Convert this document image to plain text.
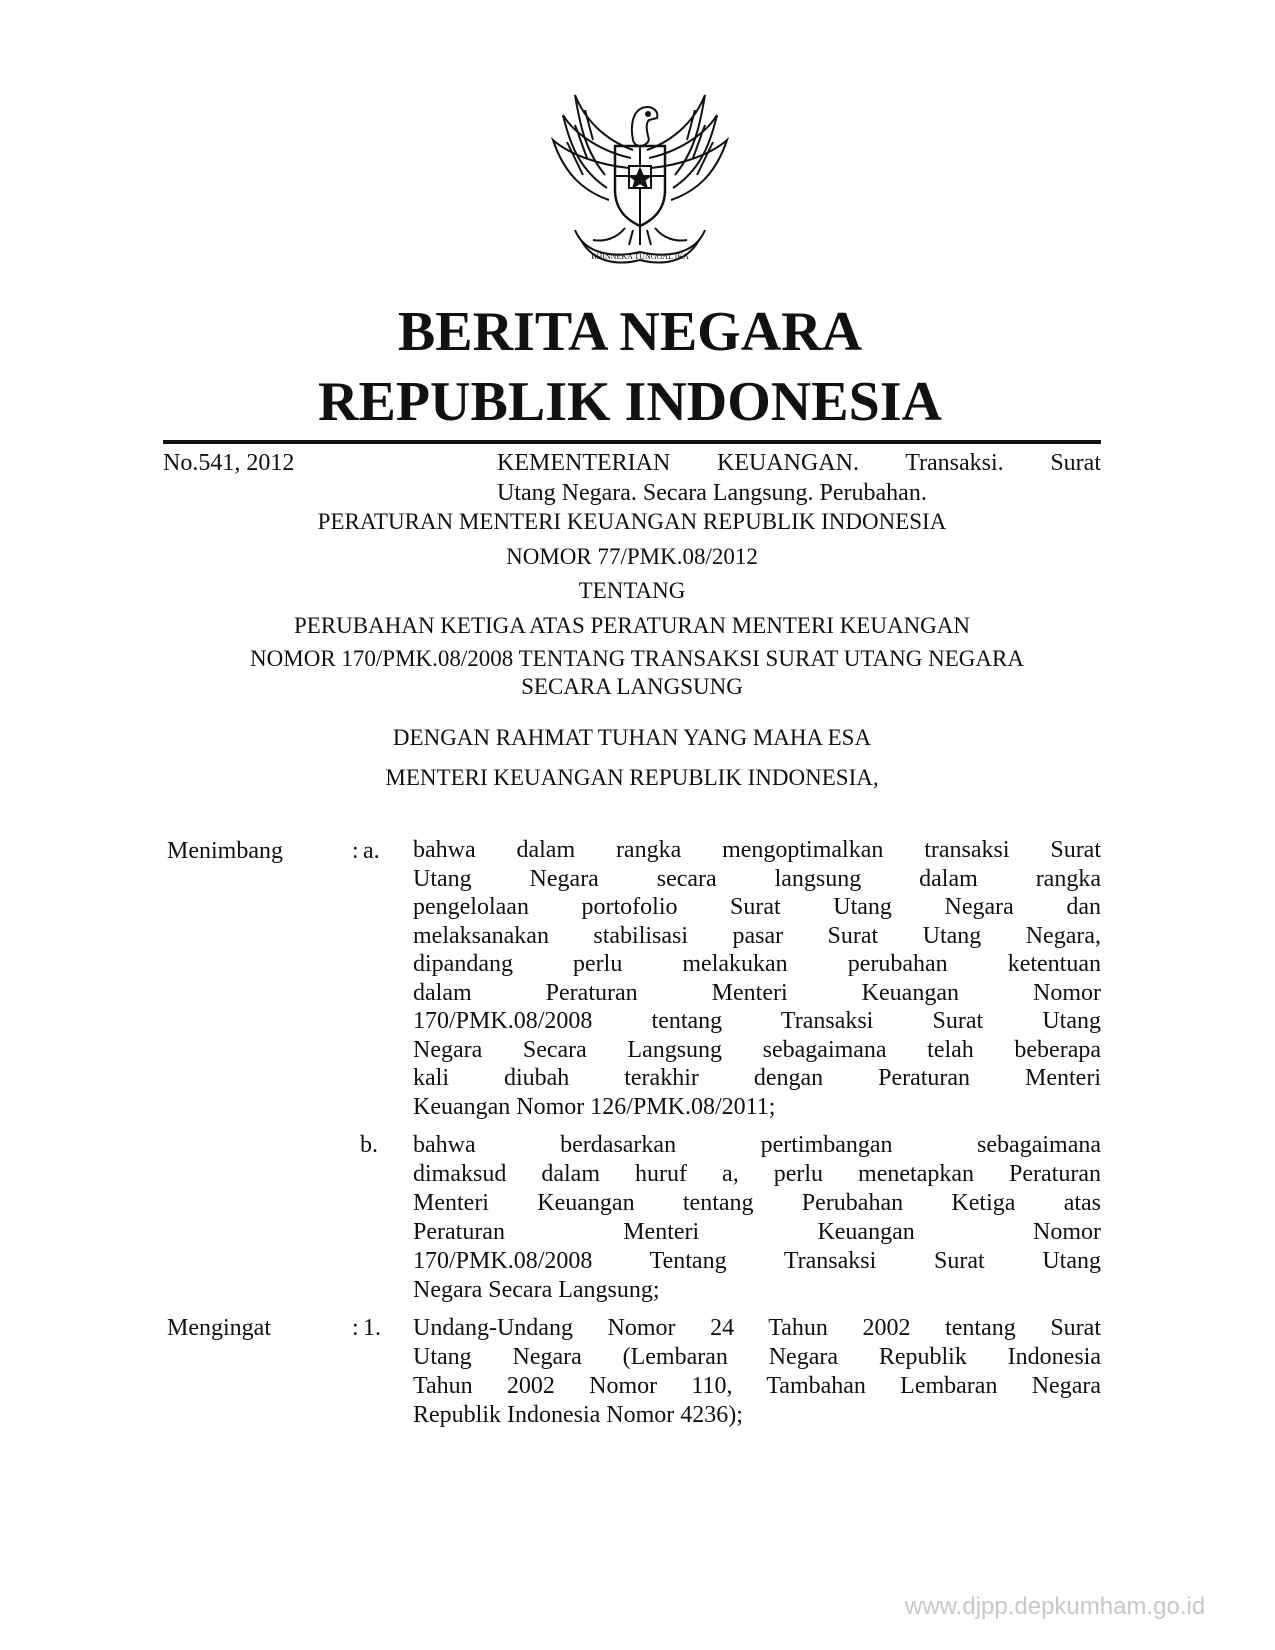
BHINNEKA TUNGGAL IKA
BERITA NEGARA
REPUBLIK INDONESIA
No.541, 2012	KEMENTERIAN KEUANGAN. Transaksi. Surat
Utang Negara. Secara Langsung. Perubahan.
PERATURAN MENTERI KEUANGAN REPUBLIK INDONESIA
NOMOR 77/PMK.08/2012
TENTANG
PERUBAHAN KETIGA ATAS PERATURAN MENTERI KEUANGAN
NOMOR 170/PMK.08/2008 TENTANG TRANSAKSI SURAT UTANG NEGARA
SECARA LANGSUNG
DENGAN RAHMAT TUHAN YANG MAHA ESA
MENTERI KEUANGAN REPUBLIK INDONESIA,
Menimbang	: a. bahwa dalam rangka mengoptimalkan transaksi Surat
Utang Negara secara langsung dalam rangka
pengelolaan portofolio Surat Utang Negara dan
melaksanakan stabilisasi pasar Surat Utang Negara,
dipandang perlu melakukan perubahan ketentuan
dalam Peraturan Menteri Keuangan Nomor
170/PMK.08/2008 tentang Transaksi Surat Utang
Negara Secara Langsung sebagaimana telah beberapa
kali diubah terakhir dengan Peraturan Menteri
Keuangan Nomor 126/PMK.08/2011;
b. bahwa berdasarkan pertimbangan sebagaimana
dimaksud dalam huruf a, perlu menetapkan Peraturan
Menteri Keuangan tentang Perubahan Ketiga atas
Peraturan Menteri Keuangan Nomor
170/PMK.08/2008 Tentang Transaksi Surat Utang
Negara Secara Langsung;
Mengingat	: 1. Undang-Undang Nomor 24 Tahun 2002 tentang Surat
Utang Negara (Lembaran Negara Republik Indonesia
Tahun 2002 Nomor 110, Tambahan Lembaran Negara
Republik Indonesia Nomor 4236);
www.djpp.depkumham.go.id
